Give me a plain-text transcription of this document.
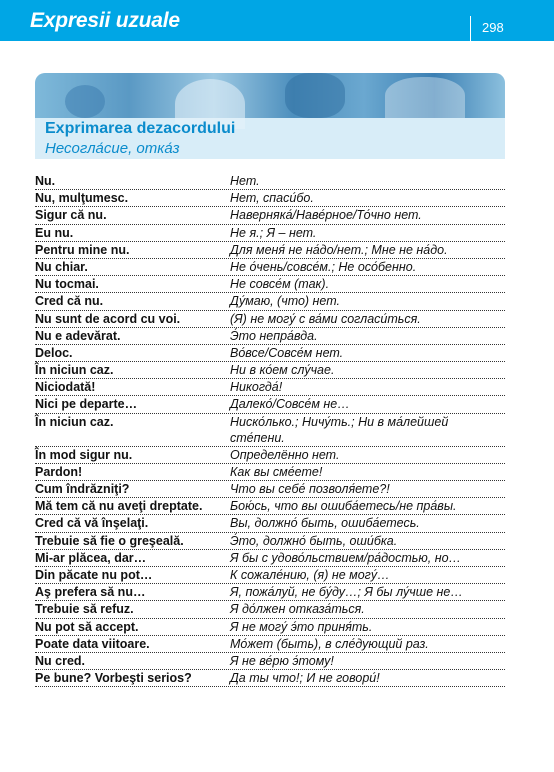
Expresii uzuale	298
Exprimarea dezacordului
Несогла́сие, отка́з
Nu.	Нет.
Nu, mulţumesc.	Нет, спаси́бо.
Sigur că nu.	Наверняка́/Наве́рное/То́чно нет.
Eu nu.	Не я.; Я – нет.
Pentru mine nu.	Для меня́ не на́до/нет.; Мне не на́до.
Nu chiar.	Не о́чень/совсе́м.; Не осо́бенно.
Nu tocmai.	Не совсе́м (так).
Cred că nu.	Ду́маю, (что) нет.
Nu sunt de acord cu voi.	(Я) не могу́ с ва́ми согласи́ться.
Nu e adevărat.	Э́то непра́вда.
Deloc.	Во́все/Совсе́м нет.
În niciun caz.	Ни в ко́ем слу́чае.
Niciodată!	Никогда́!
Nici pe departe…	Далеко́/Совсе́м не…
În niciun caz.	Ниско́лько.; Ничу́ть.; Ни в ма́лейшей сте́пени.
În mod sigur nu.	Определённо нет.
Pardon!	Как вы сме́ете!
Cum îndrăzniţi?	Что вы себе́ позволя́ете?!
Mă tem că nu aveţi dreptate.	Бою́сь, что вы ошиба́етесь/не пра́вы.
Cred că vă înşelaţi.	Вы, должно́ быть, ошиба́етесь.
Trebuie să fie o greşeală.	Э́то, должно́ быть, оши́бка.
Mi-ar plăcea, dar…	Я бы с удово́льствием/ра́достью, но…
Din păcate nu pot…	К сожале́нию, (я) не могу́…
Aş prefera să nu…	Я, пожа́луй, не бу́ду…; Я бы лу́чше не…
Trebuie să refuz.	Я до́лжен отказа́ться.
Nu pot să accept.	Я не могу́ э́то приня́ть.
Poate data viitoare.	Мо́жет (быть), в сле́дующий раз.
Nu cred.	Я не ве́рю э́тому!
Pe bune? Vorbeşti serios?	Да ты что!; И не говори́!
